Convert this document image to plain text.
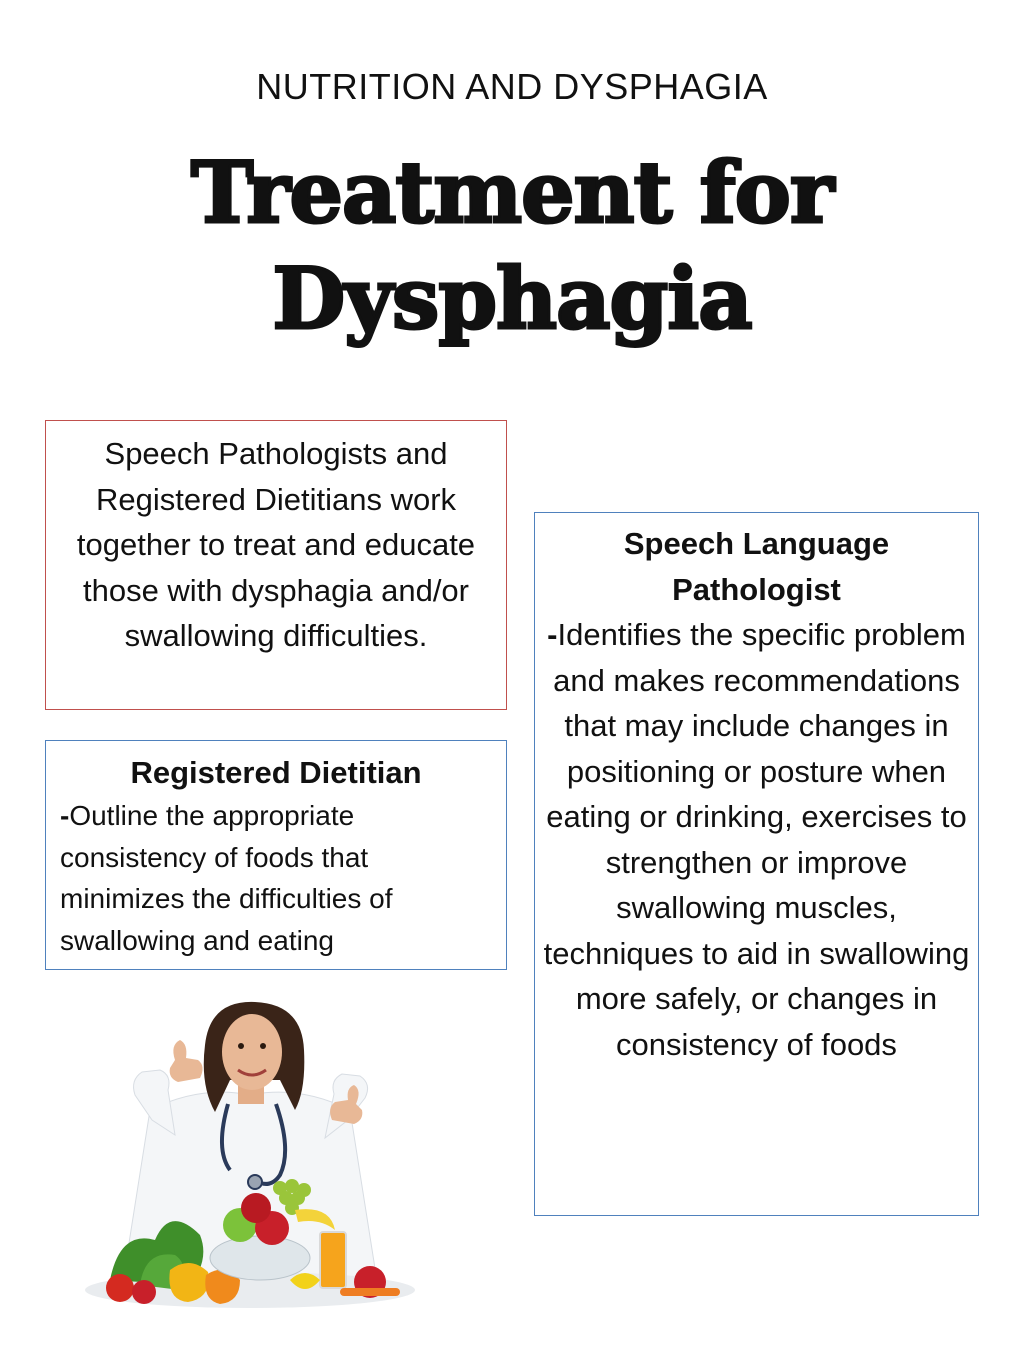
NUTRITION AND DYSPHAGIA
Treatment for
Dysphagia
Speech Pathologists and Registered Dietitians work together to treat and educate those with dysphagia and/or swallowing difficulties.
Registered Dietitian
-Outline the appropriate consistency of foods that minimizes the difficulties of swallowing and eating
Speech Language Pathologist
-Identifies the specific problem and makes recommendations that may include changes in positioning or posture when eating or drinking, exercises to strengthen or improve swallowing muscles, techniques to aid in swallowing more safely, or changes in consistency of foods
